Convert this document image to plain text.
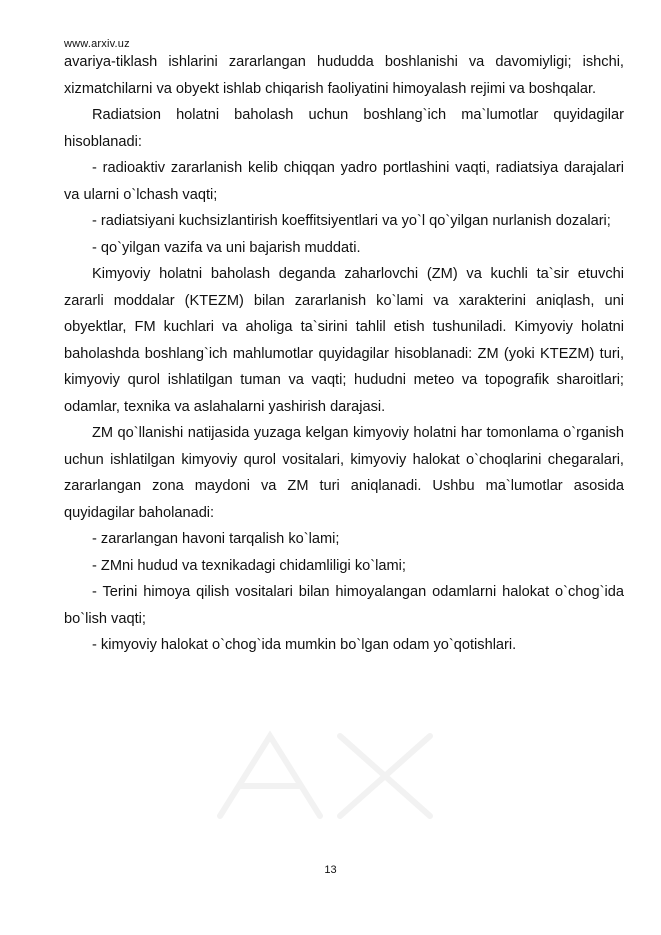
www.arxiv.uz

avariya-tiklash ishlarini zararlangan hududda boshlanishi va davomiyligi; ishchi, xizmatchilarni va obyekt ishlab chiqarish faoliyatini himoyalash rejimi va boshqalar.

Radiatsion holatni baholash uchun boshlang`ich ma`lumotlar quyidagilar hisoblanadi:

- radioaktiv zararlanish kelib chiqqan yadro portlashini vaqti, radiatsiya darajalari va ularni o`lchash vaqti;

- radiatsiyani kuchsizlantirish koeffitsiyentlari va yo`l qo`yilgan nurlanish dozalari;

- qo`yilgan vazifa va uni bajarish muddati.

Kimyoviy holatni baholash deganda zaharlovchi (ZM) va kuchli ta`sir etuvchi zararli moddalar (KTEZM) bilan zararlanish ko`lami va xarakterini aniqlash, uni obyektlar, FM kuchlari va aholiga ta`sirini tahlil etish tushuniladi. Kimyoviy holatni baholashda boshlang`ich mahlumotlar quyidagilar hisoblanadi: ZM (yoki KTEZM) turi, kimyoviy qurol ishlatilgan tuman va vaqti; hududni meteo va topografik sharoitlari; odamlar, texnika va aslahalarni yashirish darajasi.

ZM qo`llanishi natijasida yuzaga kelgan kimyoviy holatni har tomonlama o`rganish uchun ishlatilgan kimyoviy qurol vositalari, kimyoviy halokat o`choqlarini chegaralari, zararlangan zona maydoni va ZM turi aniqlanadi. Ushbu ma`lumotlar asosida quyidagilar baholanadi:

- zararlangan havoni tarqalish ko`lami;

- ZMni hudud va texnikadagi chidamliligi ko`lami;

- Terini himoya qilish vositalari bilan himoyalangan odamlarni halokat o`chog`ida bo`lish vaqti;

- kimyoviy halokat o`chog`ida mumkin bo`lgan odam yo`qotishlari.

13
